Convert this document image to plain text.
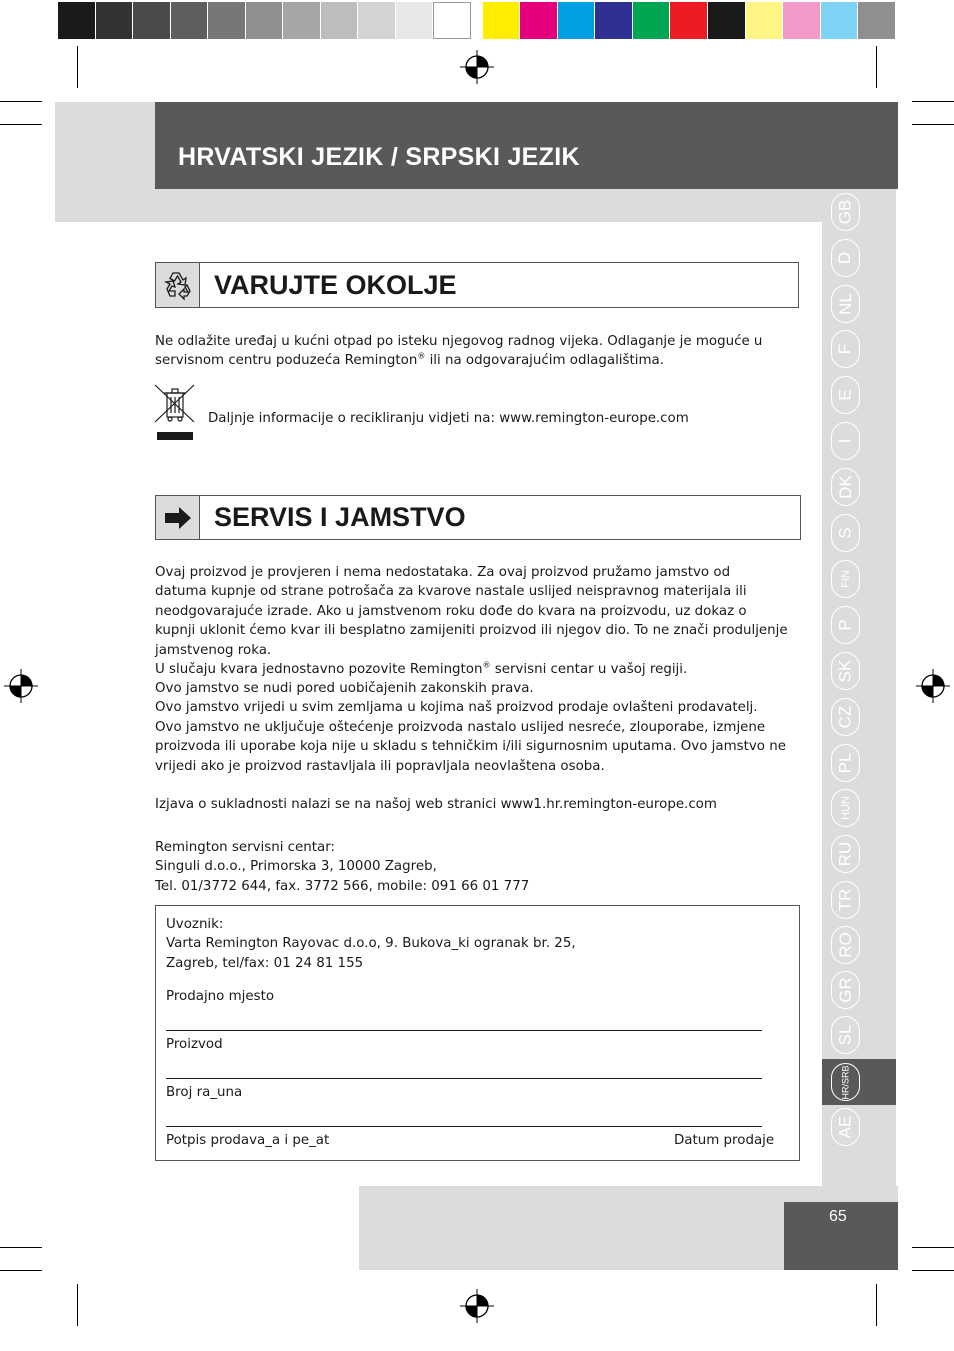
HRVATSKI JEZIK / SRPSKI JEZIK
GB
D
NL
F
E
I
DK
S
FIN
P
SK
CZ
PL
HUN
RU
TR
RO
GR
SL
HR/SRB
AE
65
VARUJTE OKOLJE
Ne odlažite uređaj u kućni otpad po isteku njegovog radnog vijeka. Odlaganje je moguće u
servisnom centru poduzeća Remington® ili na odgovarajućim odlagalištima.
Daljnje informacije o recikliranju vidjeti na: www.remington-europe.com
SERVIS I JAMSTVO
Ovaj proizvod je provjeren i nema nedostataka. Za ovaj proizvod pružamo jamstvo od
datuma kupnje od strane potrošača za kvarove nastale uslijed neispravnog materijala ili
neodgovarajuće izrade. Ako u jamstvenom roku dođe do kvara na proizvodu, uz dokaz o
kupnji uklonit ćemo kvar ili besplatno zamijeniti proizvod ili njegov dio. To ne znači produljenje
jamstvenog roka.
U slučaju kvara jednostavno pozovite Remington® servisni centar u vašoj regiji.
Ovo jamstvo se nudi pored uobičajenih zakonskih prava.
Ovo jamstvo vrijedi u svim zemljama u kojima naš proizvod prodaje ovlašteni prodavatelj.
Ovo jamstvo ne uključuje oštećenje proizvoda nastalo uslijed nesreće, zlouporabe, izmjene
proizvoda ili uporabe koja nije u skladu s tehničkim i/ili sigurnosnim uputama. Ovo jamstvo ne
vrijedi ako je proizvod rastavljala ili popravljala neovlaštena osoba.
Izjava o sukladnosti nalazi se na našoj web stranici www1.hr.remington-europe.com
Remington servisni centar:
Singuli d.o.o., Primorska 3, 10000 Zagreb,
Tel. 01/3772 644, fax. 3772 566, mobile: 091 66 01 777
Uvoznik:
Varta Remington Rayovac d.o.o, 9. Bukova_ki ogranak br. 25,
Zagreb, tel/fax: 01 24 81 155
Prodajno mjesto
Proizvod
Broj ra_una
Potpis prodava_a i pe_at	Datum prodaje
